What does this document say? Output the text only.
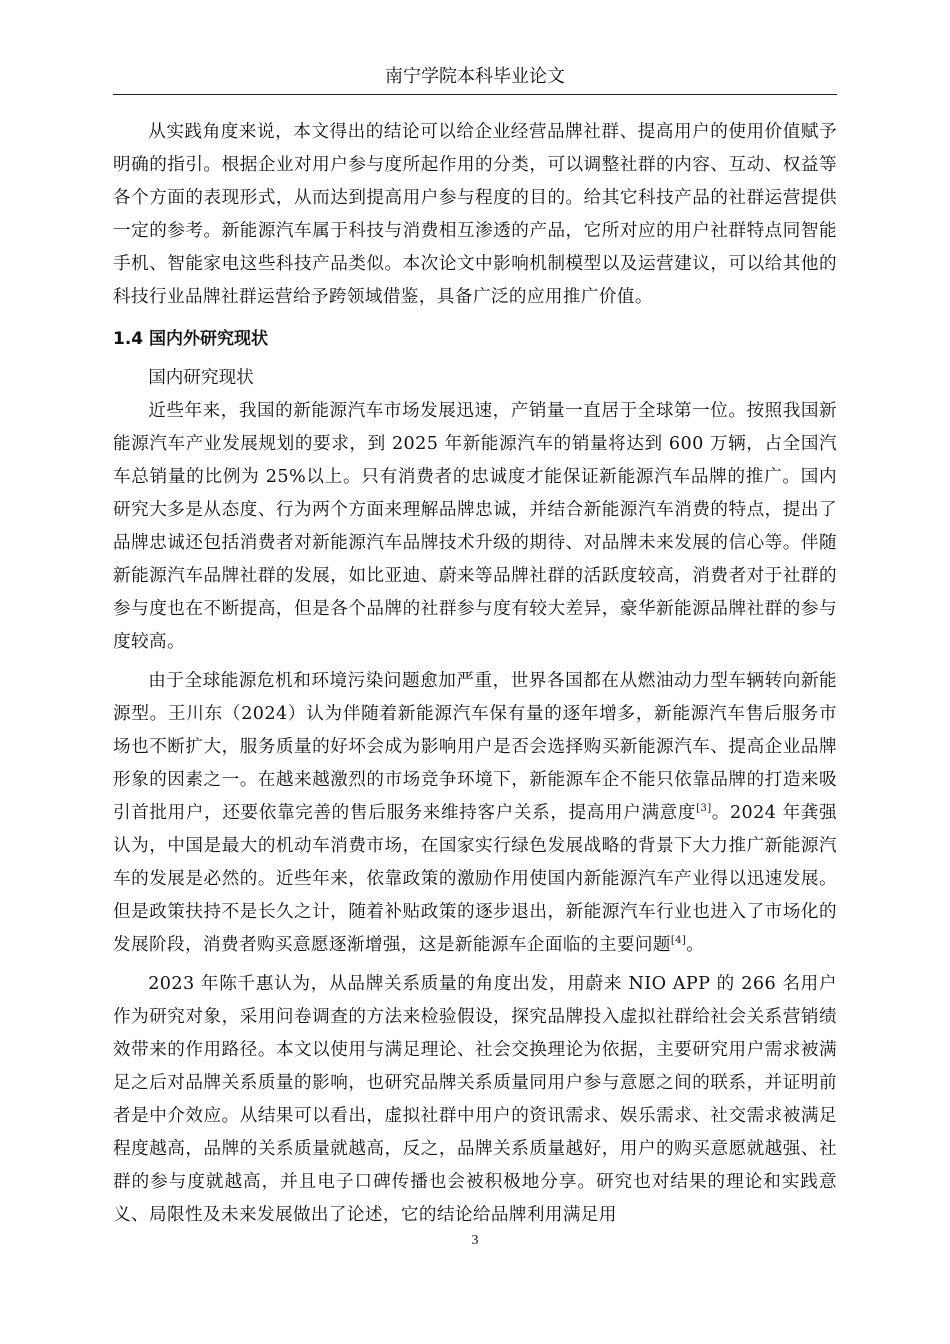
南宁学院本科毕业论文

从实践角度来说，本文得出的结论可以给企业经营品牌社群、提高用户的使用价值赋予明确的指引。根据企业对用户参与度所起作用的分类，可以调整社群的内容、互动、权益等各个方面的表现形式，从而达到提高用户参与程度的目的。给其它科技产品的社群运营提供一定的参考。新能源汽车属于科技与消费相互渗透的产品，它所对应的用户社群特点同智能手机、智能家电这些科技产品类似。本次论文中影响机制模型以及运营建议，可以给其他的科技行业品牌社群运营给予跨领域借鉴，具备广泛的应用推广价值。

1.4 国内外研究现状

国内研究现状

近些年来，我国的新能源汽车市场发展迅速，产销量一直居于全球第一位。按照我国新能源汽车产业发展规划的要求，到 2025 年新能源汽车的销量将达到 600 万辆，占全国汽车总销量的比例为 25%以上。只有消费者的忠诚度才能保证新能源汽车品牌的推广。国内研究大多是从态度、行为两个方面来理解品牌忠诚，并结合新能源汽车消费的特点，提出了品牌忠诚还包括消费者对新能源汽车品牌技术升级的期待、对品牌未来发展的信心等。伴随新能源汽车品牌社群的发展，如比亚迪、蔚来等品牌社群的活跃度较高，消费者对于社群的参与度也在不断提高，但是各个品牌的社群参与度有较大差异，豪华新能源品牌社群的参与度较高。

由于全球能源危机和环境污染问题愈加严重，世界各国都在从燃油动力型车辆转向新能源型。王川东（2024）认为伴随着新能源汽车保有量的逐年增多，新能源汽车售后服务市场也不断扩大，服务质量的好坏会成为影响用户是否会选择购买新能源汽车、提高企业品牌形象的因素之一。在越来越激烈的市场竞争环境下，新能源车企不能只依靠品牌的打造来吸引首批用户，还要依靠完善的售后服务来维持客户关系，提高用户满意度[3]。2024 年龚强认为，中国是最大的机动车消费市场，在国家实行绿色发展战略的背景下大力推广新能源汽车的发展是必然的。近些年来，依靠政策的激励作用使国内新能源汽车产业得以迅速发展。但是政策扶持不是长久之计，随着补贴政策的逐步退出，新能源汽车行业也进入了市场化的发展阶段，消费者购买意愿逐渐增强，这是新能源车企面临的主要问题[4]。

2023 年陈千惠认为，从品牌关系质量的角度出发，用蔚来 NIO APP 的 266 名用户作为研究对象，采用问卷调查的方法来检验假设，探究品牌投入虚拟社群给社会关系营销绩效带来的作用路径。本文以使用与满足理论、社会交换理论为依据，主要研究用户需求被满足之后对品牌关系质量的影响，也研究品牌关系质量同用户参与意愿之间的联系，并证明前者是中介效应。从结果可以看出，虚拟社群中用户的资讯需求、娱乐需求、社交需求被满足程度越高，品牌的关系质量就越高，反之，品牌关系质量越好，用户的购买意愿就越强、社群的参与度就越高，并且电子口碑传播也会被积极地分享。研究也对结果的理论和实践意义、局限性及未来发展做出了论述，它的结论给品牌利用满足用

3
